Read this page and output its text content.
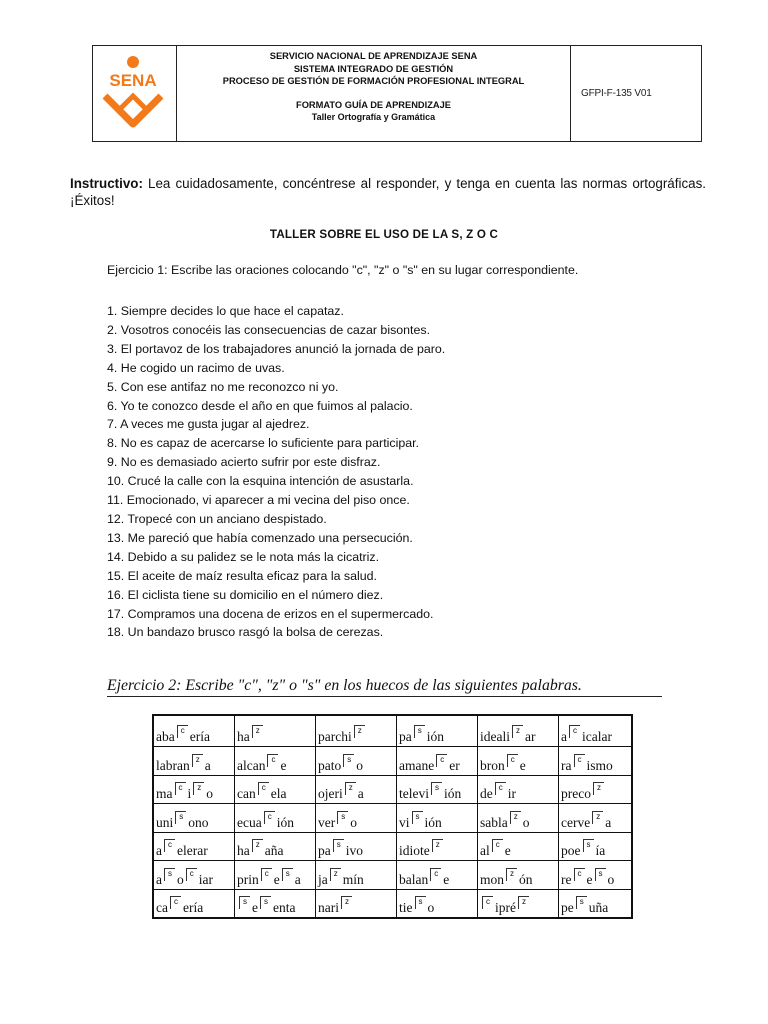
SENA
SERVICIO NACIONAL DE APRENDIZAJE SENA
SISTEMA INTEGRADO DE GESTIÓN
PROCESO DE GESTIÓN DE FORMACIÓN PROFESIONAL INTEGRAL
FORMATO GUÍA DE APRENDIZAJE
Taller Ortografía y Gramática
GFPI-F-135 V01
Instructivo: Lea cuidadosamente, concéntrese al responder, y tenga en cuenta las normas ortográficas. ¡Éxitos!
TALLER SOBRE EL USO DE LA S, Z O C
Ejercicio 1: Escribe las oraciones colocando "c", "z" o "s" en su lugar correspondiente.
1. Siempre decides lo que hace el capataz.
2. Vosotros conocéis las consecuencias de cazar bisontes.
3. El portavoz de los trabajadores anunció la jornada de paro.
4. He cogido un racimo de uvas.
5. Con ese antifaz no me reconozco ni yo.
6. Yo te conozco desde el año en que fuimos al palacio.
7. A veces me gusta jugar al ajedrez.
8. No es capaz de acercarse lo suficiente para participar.
9. No es demasiado acierto sufrir por este disfraz.
10. Crucé la calle con la esquina intención de asustarla.
11. Emocionado, vi aparecer a mi vecina del piso once.
12. Tropecé con un anciano despistado.
13. Me pareció que había comenzado una persecución.
14. Debido a su palidez se le nota más la cicatriz.
15. El aceite de maíz resulta eficaz para la salud.
16. El ciclista tiene su domicilio en el número diez.
17. Compramos una docena de erizos en el supermercado.
18. Un bandazo brusco rasgó la bolsa de cerezas.
Ejercicio 2: Escribe "c", "z" o "s" en los huecos de las siguientes palabras.
aba c ería	ha z	parchi z	pa s ión	ideali z ar	a c icalar
labran z a	alcan c e	pato s o	amane c er	bron c e	ra c ismo
ma c i z o	can c ela	ojeri z a	televi s ión	de c ir	preco z
uni s ono	ecua c ión	ver s o	vi s ión	sabla z o	cerve z a
a c elerar	ha z aña	pa s ivo	idiote z	al c e	poe s ía
a s o c iar	prin c e s a	ja z mín	balan c e	mon z ón	re c e s o
ca c ería	s e s enta	nari z	tie s o	c ipré z	pe s uña
